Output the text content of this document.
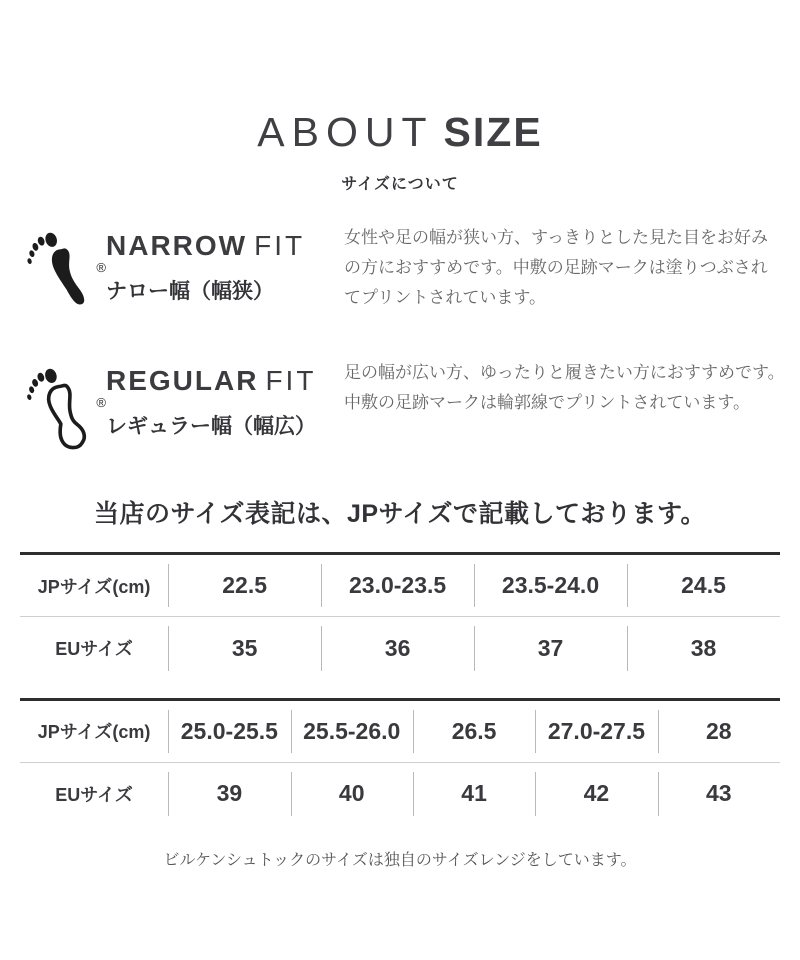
ABOUT SIZE
サイズについて
®
NARROW FIT
ナロー幅（幅狭）
女性や足の幅が狭い方、すっきりとした見た目をお好み
の方におすすめです。中敷の足跡マークは塗りつぶされ
てプリントされています。
®
REGULAR FIT
レギュラー幅（幅広）
足の幅が広い方、ゆったりと履きたい方におすすめです。
中敷の足跡マークは輪郭線でプリントされています。
当店のサイズ表記は、JPサイズで記載しております。
JPサイズ(cm)	22.5	23.0-23.5	23.5-24.0	24.5
EUサイズ	35	36	37	38
JPサイズ(cm)	25.0-25.5	25.5-26.0	26.5	27.0-27.5	28
EUサイズ	39	40	41	42	43
ビルケンシュトックのサイズは独自のサイズレンジをしています。
